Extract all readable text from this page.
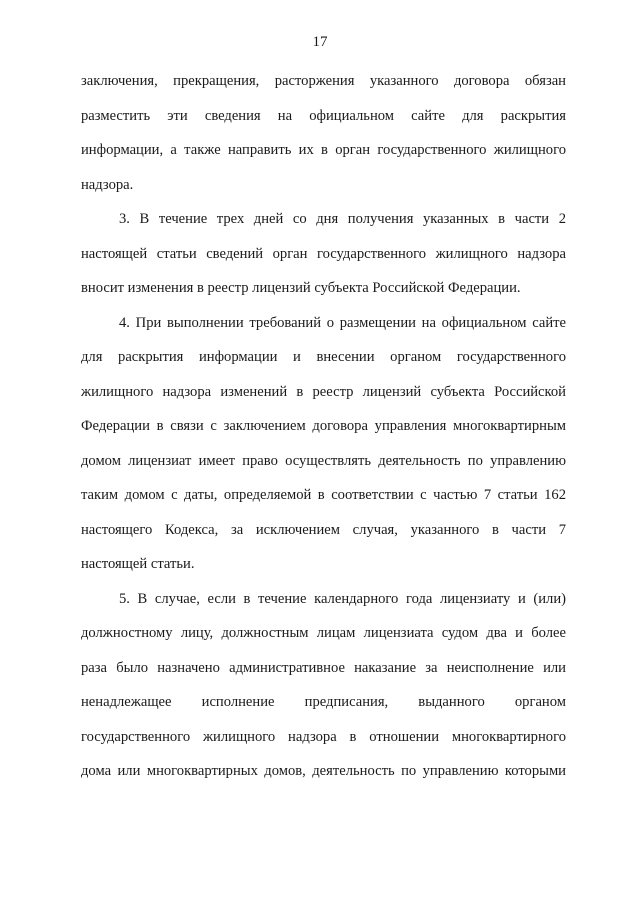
17
заключения, прекращения, расторжения указанного договора обязан
разместить эти сведения на официальном сайте для раскрытия
информации, а также направить их в орган государственного жилищного
надзора.
3. В течение трех дней со дня получения указанных в части 2
настоящей статьи сведений орган государственного жилищного надзора
вносит изменения в реестр лицензий субъекта Российской Федерации.
4. При выполнении требований о размещении на официальном сайте
для раскрытия информации и внесении органом государственного
жилищного надзора изменений в реестр лицензий субъекта Российской
Федерации в связи с заключением договора управления многоквартирным
домом лицензиат имеет право осуществлять деятельность по управлению
таким домом с даты, определяемой в соответствии с частью 7 статьи 162
настоящего Кодекса, за исключением случая, указанного в части 7
настоящей статьи.
5. В случае, если в течение календарного года лицензиату и (или)
должностному лицу, должностным лицам лицензиата судом два и более
раза было назначено административное наказание за неисполнение или
ненадлежащее исполнение предписания, выданного органом
государственного жилищного надзора в отношении многоквартирного
дома или многоквартирных домов, деятельность по управлению которыми
